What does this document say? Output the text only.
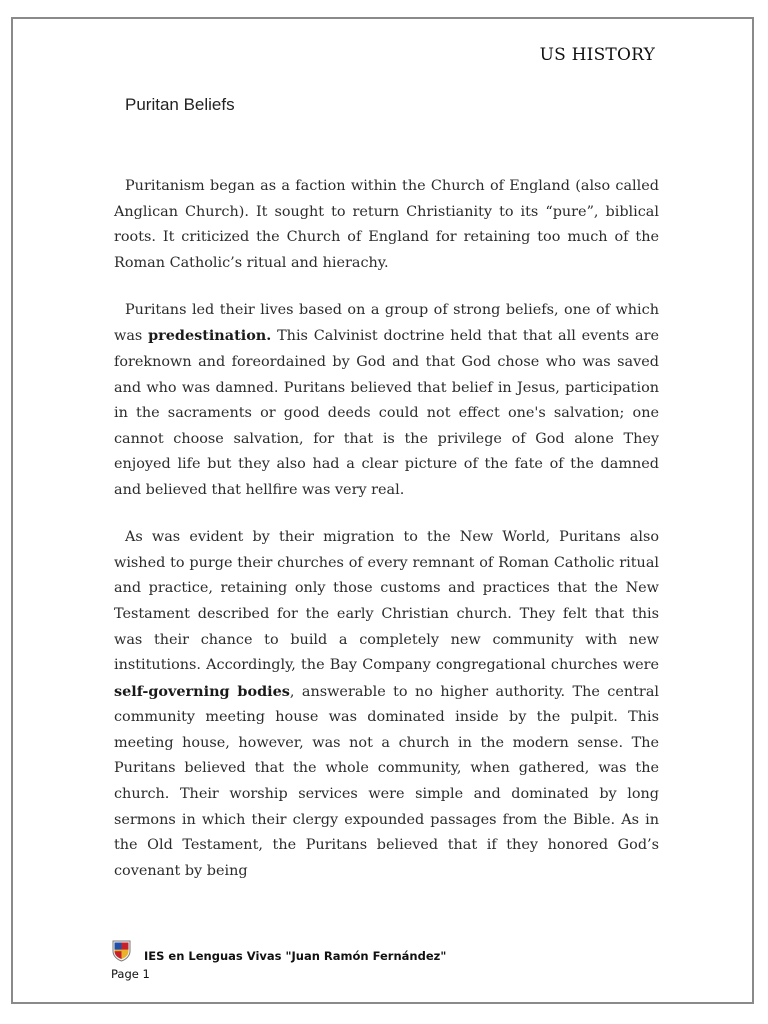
US HISTORY
Puritan Beliefs

Puritanism began as a faction within the Church of England (also called Anglican Church). It sought to return Christianity to its “pure”, biblical roots. It criticized the Church of England for retaining too much of the Roman Catholic’s ritual and hierachy.

Puritans led their lives based on a group of strong beliefs, one of which was predestination. This Calvinist doctrine held that that all events are foreknown and foreordained by God and that God chose who was saved and who was damned. Puritans believed that belief in Jesus, participation in the sacraments or good deeds could not effect one's salvation; one cannot choose salvation, for that is the privilege of God alone They enjoyed life but they also had a clear picture of the fate of the damned and believed that hellfire was very real.

As was evident by their migration to the New World, Puritans also wished to purge their churches of every remnant of Roman Catholic ritual and practice, retaining only those customs and practices that the New Testament described for the early Christian church. They felt that this was their chance to build a completely new community with new institutions. Accordingly, the Bay Company congregational churches were self-governing bodies, answerable to no higher authority. The central community meeting house was dominated inside by the pulpit. This meeting house, however, was not a church in the modern sense. The Puritans believed that the whole community, when gathered, was the church. Their worship services were simple and dominated by long sermons in which their clergy expounded passages from the Bible. As in the Old Testament, the Puritans believed that if they honored God’s covenant by being

IES en Lenguas Vivas "Juan Ramón Fernández"
Page 1
